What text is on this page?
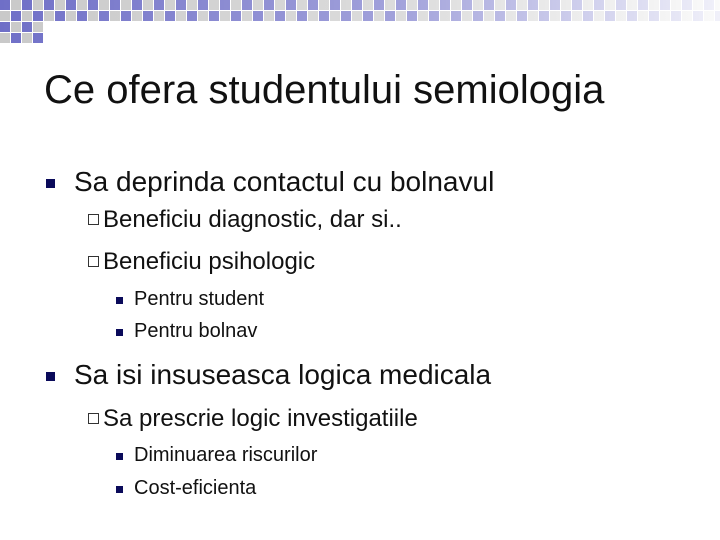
Ce ofera studentului semiologia
Sa deprinda contactul cu bolnavul
Beneficiu diagnostic, dar si..
Beneficiu psihologic
Pentru student
Pentru bolnav
Sa isi insuseasca logica medicala
Sa prescrie logic investigatiile
Diminuarea riscurilor
Cost-eficienta
